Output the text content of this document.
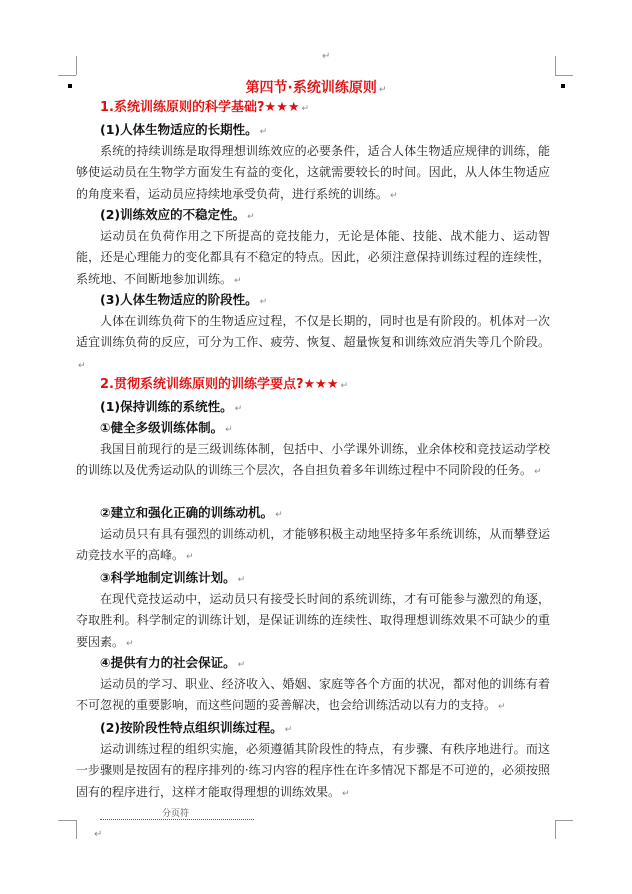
↵
↵
第四节·系统训练原则 ↵
1.系统训练原则的科学基础?★★★ ↵
(1)人体生物适应的长期性。 ↵

系统的持续训练是取得理想训练效应的必要条件，适合人体生物适应规律的训练，能够使运动员在生物学方面发生有益的变化，这就需要较长的时间。因此，从人体生物适应的角度来看，运动员应持续地承受负荷，进行系统的训练。 ↵

(2)训练效应的不稳定性。 ↵

运动员在负荷作用之下所提高的竞技能力，无论是体能、技能、战术能力、运动智能，还是心理能力的变化都具有不稳定的特点。因此，必须注意保持训练过程的连续性，系统地、不间断地参加训练。 ↵

(3)人体生物适应的阶段性。 ↵

人体在训练负荷下的生物适应过程，不仅是长期的，同时也是有阶段的。机体对一次适宜训练负荷的反应，可分为工作、疲劳、恢复、超量恢复和训练效应消失等几个阶段。↵

2.贯彻系统训练原则的训练学要点?★★★ ↵
(1)保持训练的系统性。 ↵
①健全多级训练体制。 ↵

我国目前现行的是三级训练体制，包括中、小学课外训练，业余体校和竞技运动学校的训练以及优秀运动队的训练三个层次，各自担负着多年训练过程中不同阶段的任务。 ↵

②建立和强化正确的训练动机。 ↵

运动员只有具有强烈的训练动机，才能够积极主动地坚持多年系统训练，从而攀登运动竞技水平的高峰。 ↵

③科学地制定训练计划。 ↵

在现代竞技运动中，运动员只有接受长时间的系统训练，才有可能参与激烈的角逐，夺取胜利。科学制定的训练计划，是保证训练的连续性、取得理想训练效果不可缺少的重要因素。 ↵

④提供有力的社会保证。 ↵

运动员的学习、职业、经济收入、婚姻、家庭等各个方面的状况，都对他的训练有着不可忽视的重要影响，而这些问题的妥善解决，也会给训练活动以有力的支持。 ↵

(2)按阶段性特点组织训练过程。 ↵

运动训练过程的组织实施，必须遵循其阶段性的特点，有步骤、有秩序地进行。而这一步骤则是按固有的程序排列的·练习内容的程序性在许多情况下都是不可逆的，必须按照固有的程序进行，这样才能取得理想的训练效果。 ↵

分页符
